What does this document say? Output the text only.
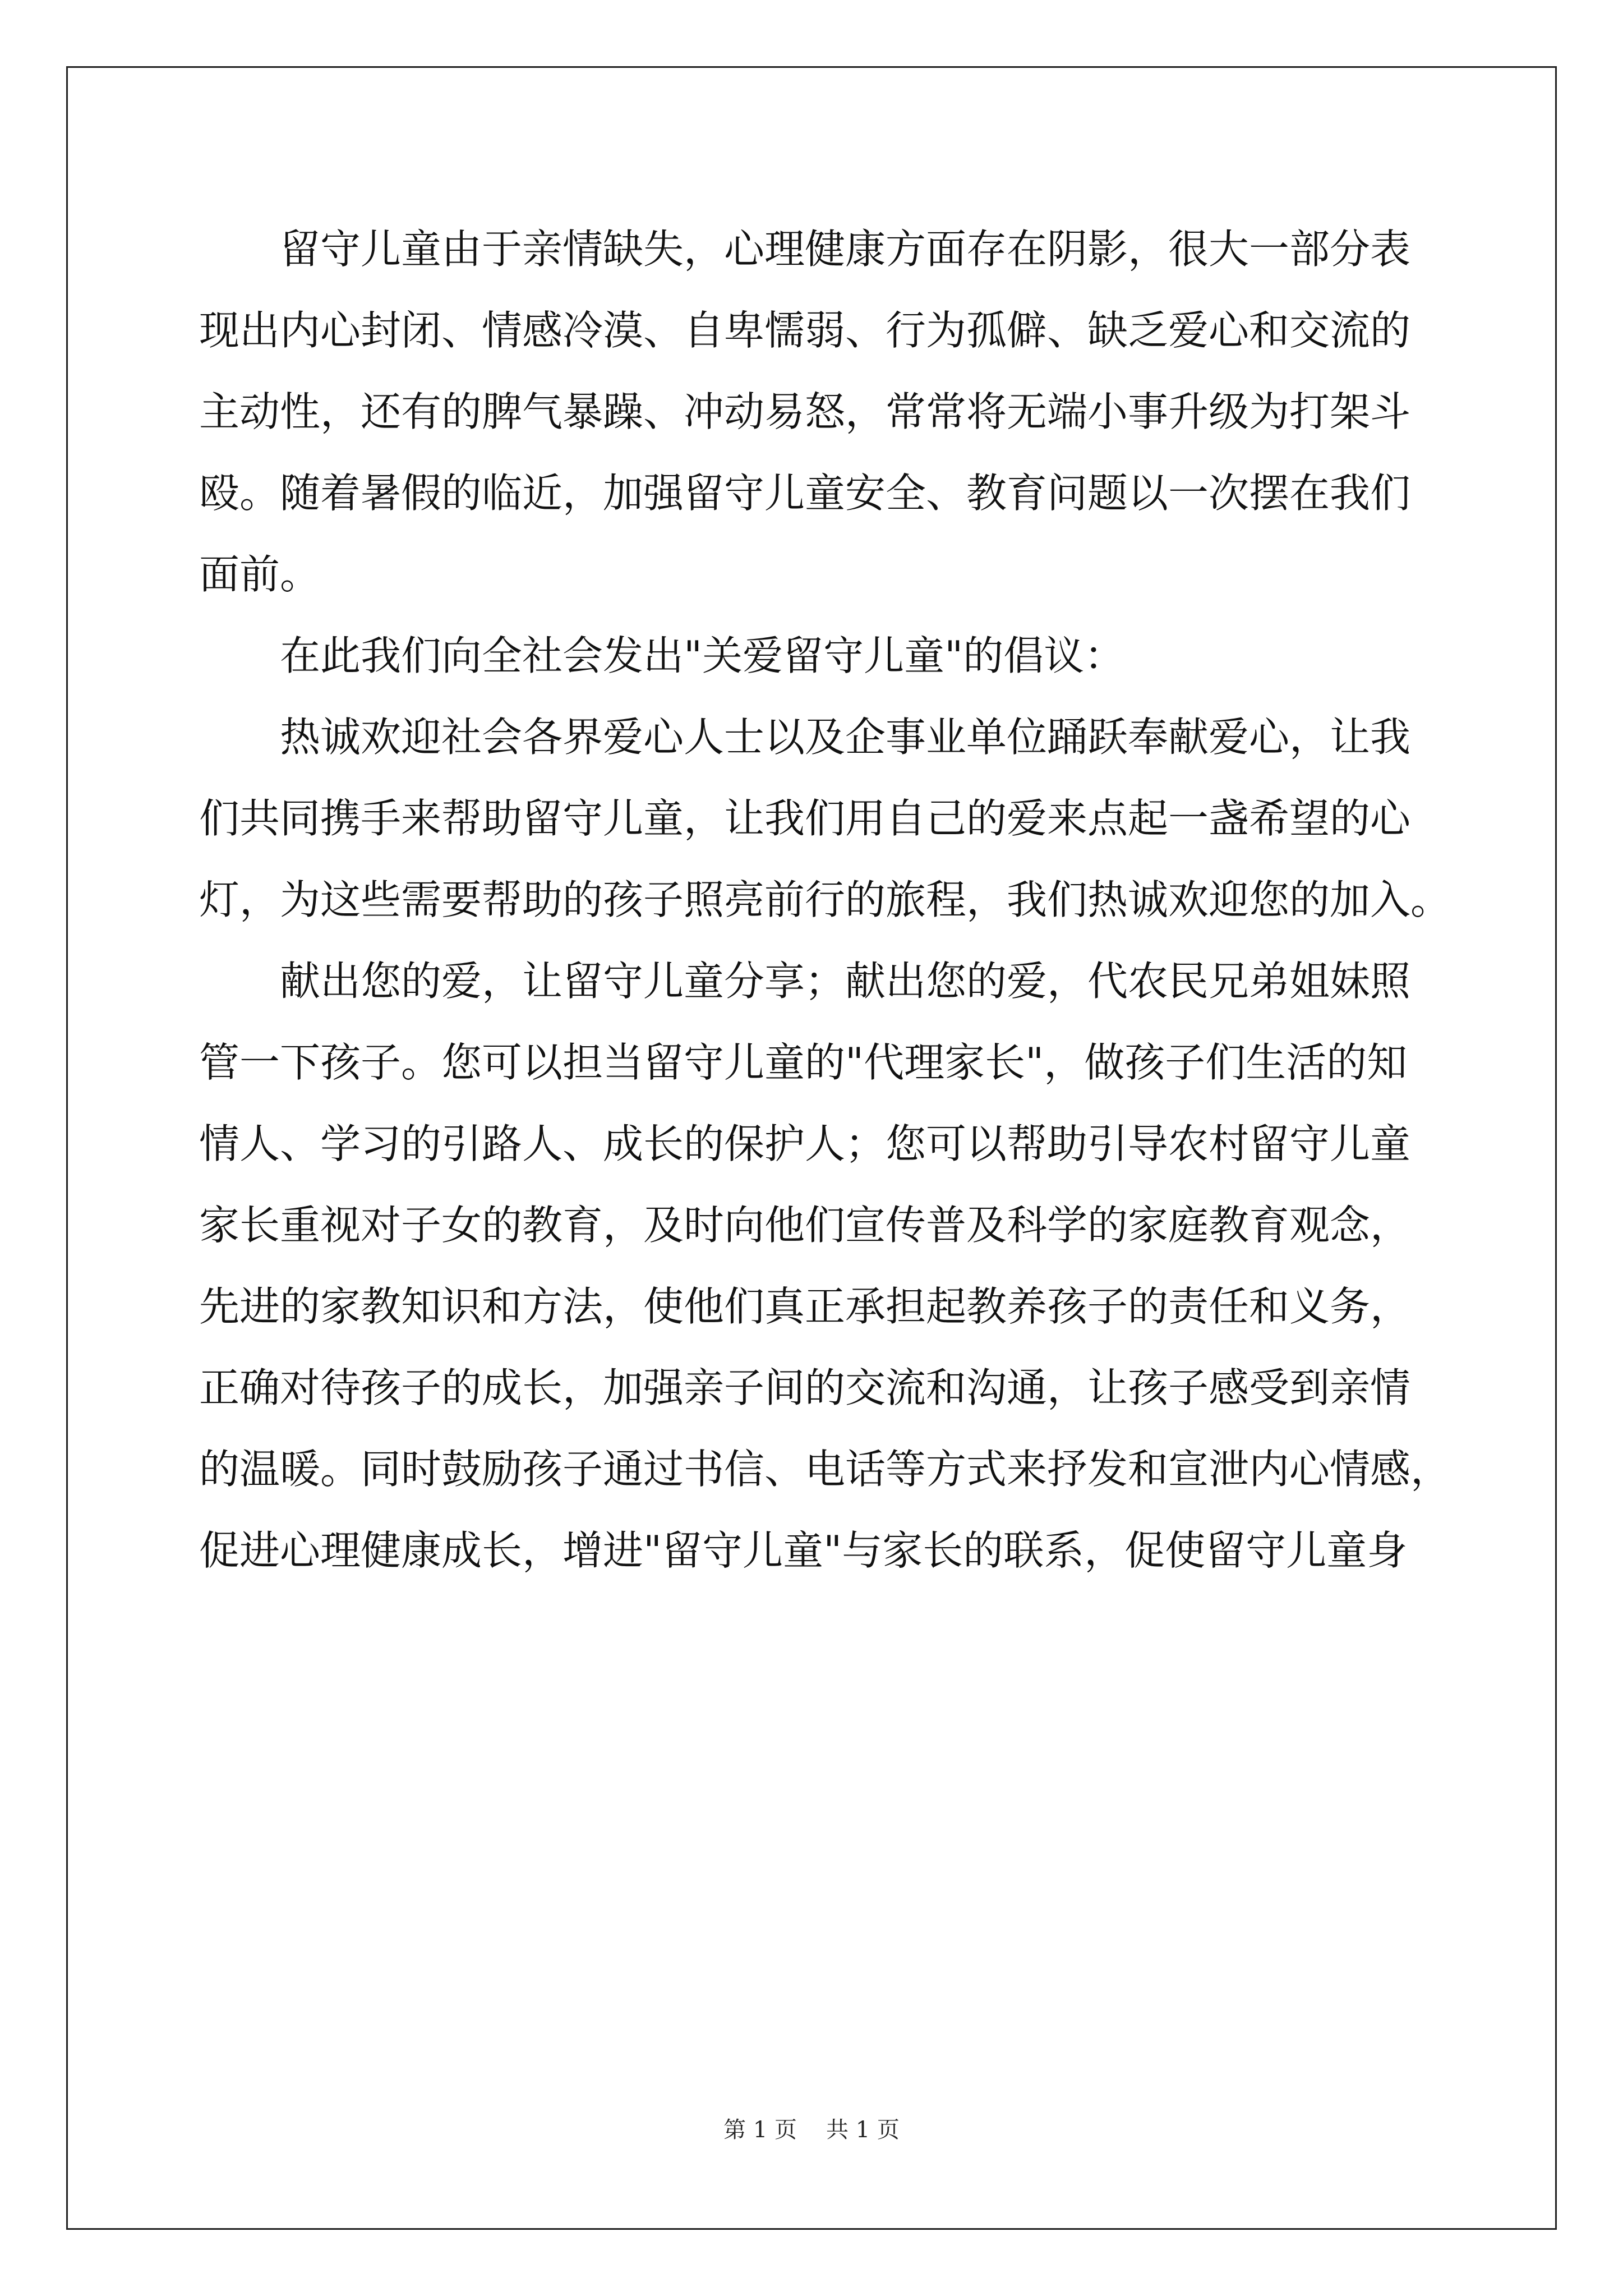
留守儿童由于亲情缺失，心理健康方面存在阴影，很大一部分表
现出内心封闭、情感冷漠、自卑懦弱、行为孤僻、缺乏爱心和交流的
主动性，还有的脾气暴躁、冲动易怒，常常将无端小事升级为打架斗
殴。随着暑假的临近，加强留守儿童安全、教育问题以一次摆在我们
面前。
在此我们向全社会发出"关爱留守儿童"的倡议：
热诚欢迎社会各界爱心人士以及企事业单位踊跃奉献爱心，让我
们共同携手来帮助留守儿童，让我们用自己的爱来点起一盏希望的心
灯，为这些需要帮助的孩子照亮前行的旅程，我们热诚欢迎您的加入。
献出您的爱，让留守儿童分享；献出您的爱，代农民兄弟姐妹照
管一下孩子。您可以担当留守儿童的"代理家长"，做孩子们生活的知
情人、学习的引路人、成长的保护人；您可以帮助引导农村留守儿童
家长重视对子女的教育，及时向他们宣传普及科学的家庭教育观念，
先进的家教知识和方法，使他们真正承担起教养孩子的责任和义务，
正确对待孩子的成长，加强亲子间的交流和沟通，让孩子感受到亲情
的温暖。同时鼓励孩子通过书信、电话等方式来抒发和宣泄内心情感，
促进心理健康成长，增进"留守儿童"与家长的联系，促使留守儿童身
第 1 页 共 1 页
